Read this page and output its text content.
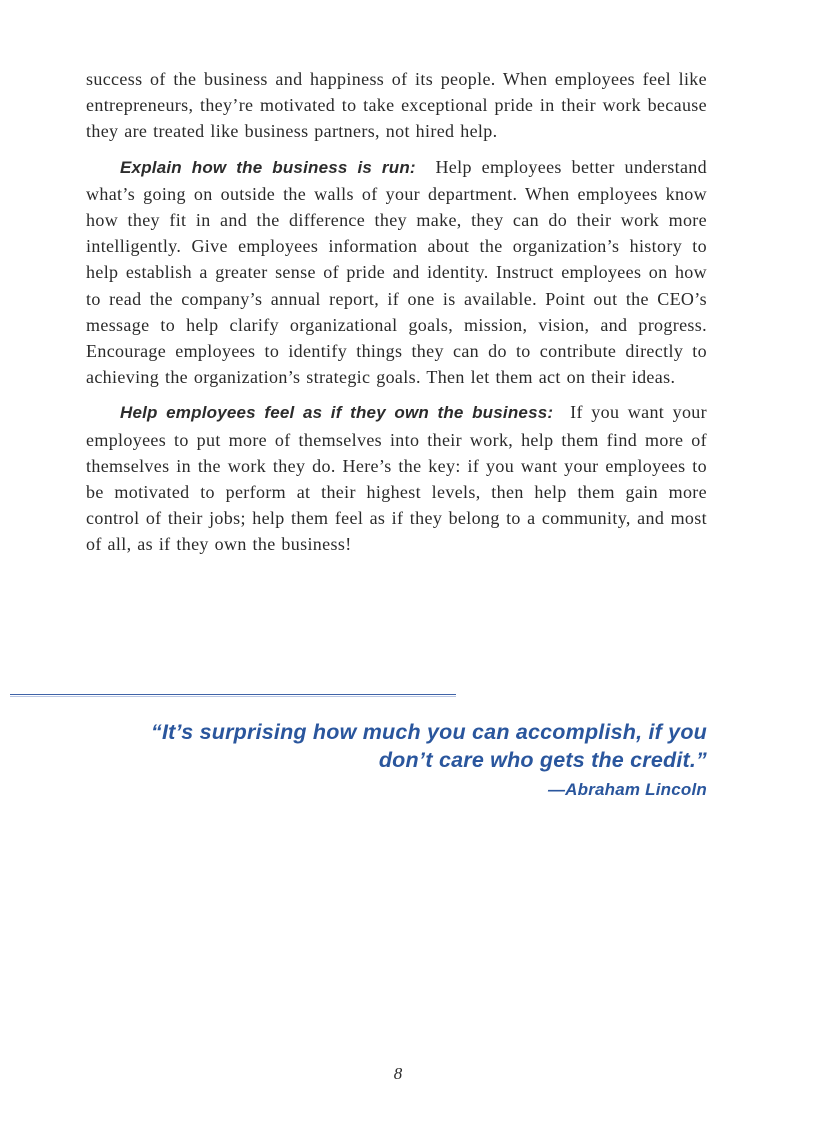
success of the business and happiness of its people. When employees feel like entrepreneurs, they’re motivated to take exceptional pride in their work because they are treated like business partners, not hired help.

Explain how the business is run: Help employees better understand what’s going on outside the walls of your department. When employees know how they fit in and the difference they make, they can do their work more intelligently. Give employees information about the organization’s history to help establish a greater sense of pride and identity. Instruct employees on how to read the company’s annual report, if one is available. Point out the CEO’s message to help clarify organizational goals, mission, vision, and progress. Encourage employees to identify things they can do to contribute directly to achieving the organization’s strategic goals. Then let them act on their ideas.

Help employees feel as if they own the business: If you want your employees to put more of themselves into their work, help them find more of themselves in the work they do. Here’s the key: if you want your employees to be motivated to perform at their highest levels, then help them gain more control of their jobs; help them feel as if they belong to a community, and most of all, as if they own the business!

“It’s surprising how much you can accomplish, if you
don’t care who gets the credit.”
—Abraham Lincoln
8
